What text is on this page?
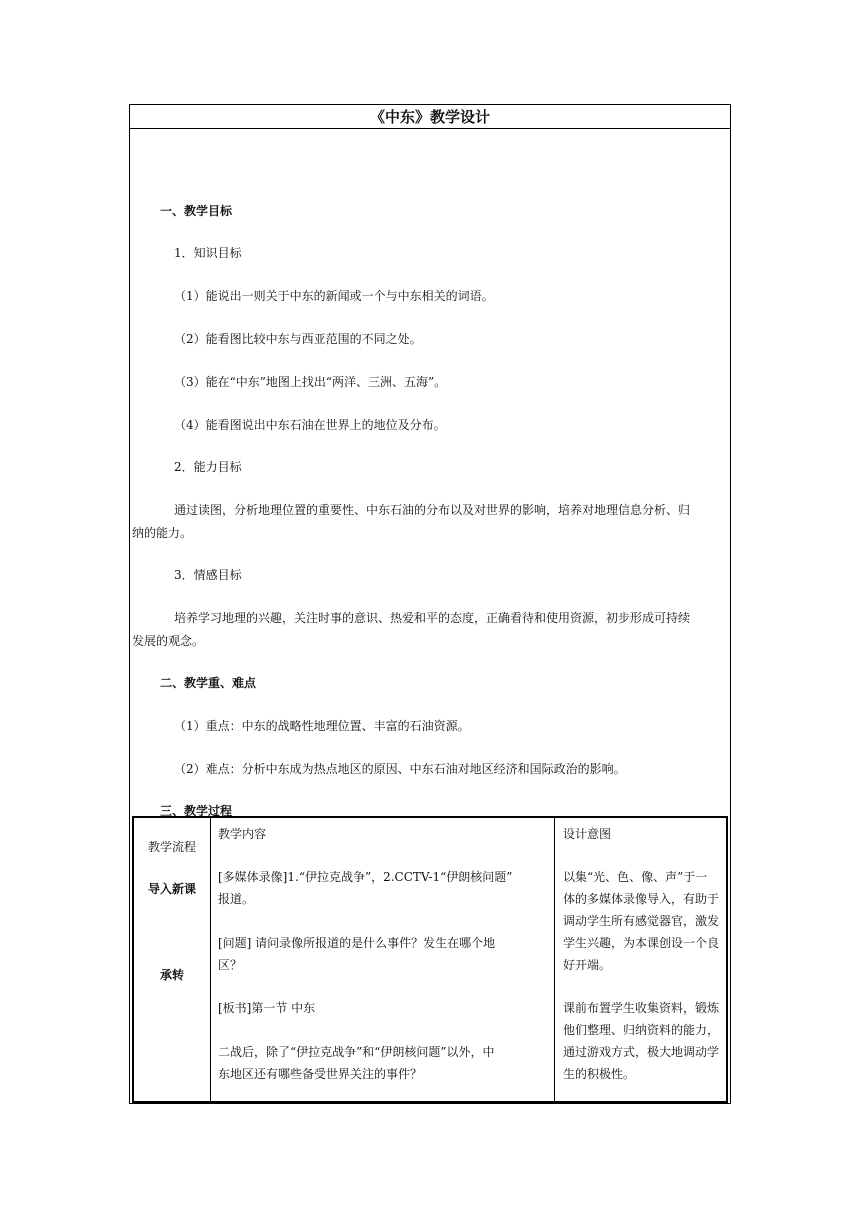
《中东》教学设计
一、教学目标
1．知识目标
（1）能说出一则关于中东的新闻或一个与中东相关的词语。
（2）能看图比较中东与西亚范围的不同之处。
（3）能在“中东”地图上找出“两洋、三洲、五海”。
（4）能看图说出中东石油在世界上的地位及分布。
2．能力目标
通过读图，分析地理位置的重要性、中东石油的分布以及对世界的影响，培养对地理信息分析、归
纳的能力。
3．情感目标
培养学习地理的兴趣，关注时事的意识、热爱和平的态度，正确看待和使用资源，初步形成可持续
发展的观念。
二、教学重、难点
（1）重点：中东的战略性地理位置、丰富的石油资源。
（2）难点：分析中东成为热点地区的原因、中东石油对地区经济和国际政治的影响。
三、教学过程
教学流程
导入新课
承转
教学内容
[多媒体录像]1.“伊拉克战争”，2.CCTV-1“伊朗核问题”
报道。
[问题] 请问录像所报道的是什么事件？发生在哪个地
区？
[板书]第一节 中东
二战后，除了“伊拉克战争”和“伊朗核问题”以外，中
东地区还有哪些备受世界关注的事件？
设计意图
以集“光、色、像、声”于一
体的多媒体录像导入，有助于
调动学生所有感觉器官，激发
学生兴趣，为本课创设一个良
好开端。
课前布置学生收集资料，锻炼
他们整理、归纳资料的能力，
通过游戏方式，极大地调动学
生的积极性。
